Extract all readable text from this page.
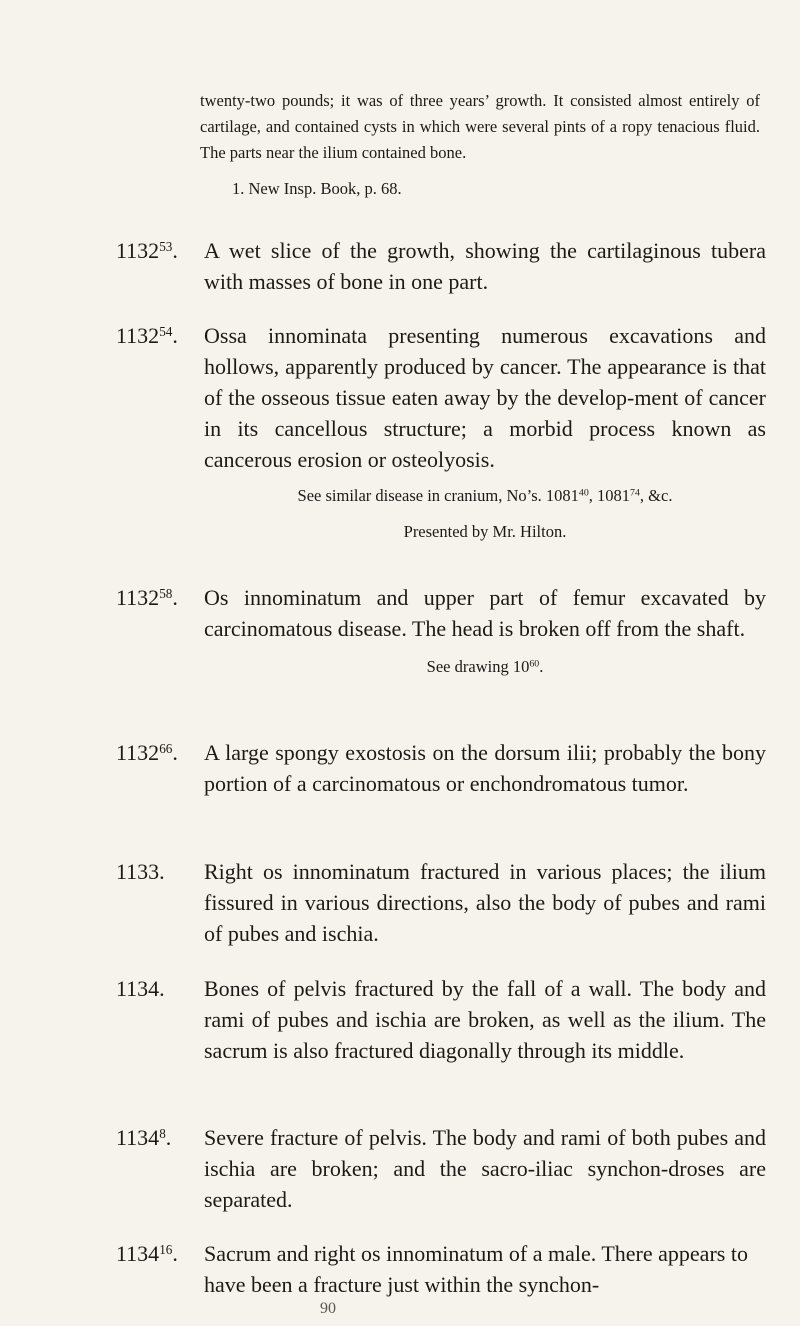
twenty-two pounds; it was of three years’ growth. It consisted almost entirely of cartilage, and contained cysts in which were several pints of a ropy tenacious fluid. The parts near the ilium contained bone.

1. New Insp. Book, p. 68.

1132$^{53}$. A wet slice of the growth, showing the cartilaginous tubera with masses of bone in one part.

1132$^{54}$. Ossa innominata presenting numerous excavations and hollows, apparently produced by cancer. The appearance is that of the osseous tissue eaten away by the develop-ment of cancer in its cancellous structure; a morbid process known as cancerous erosion or osteolyosis.

See similar disease in cranium, No’s. 1081$^{40}$, 1081$^{74}$, &c.
Presented by Mr. Hilton.
1132$^{58}$. Os innominatum and upper part of femur excavated by carcinomatous disease. The head is broken off from the shaft.

See drawing $10^{60}$.
1132$^{66}$. A large spongy exostosis on the dorsum ilii; probably the bony portion of a carcinomatous or enchondromatous tumor.

1133. Right os innominatum fractured in various places; the ilium fissured in various directions, also the body of pubes and rami of pubes and ischia.

1134. Bones of pelvis fractured by the fall of a wall. The body and rami of pubes and ischia are broken, as well as the ilium. The sacrum is also fractured diagonally through its middle.

1134$^8$. Severe fracture of pelvis. The body and rami of both pubes and ischia are broken; and the sacro-iliac synchon-droses are separated.

1134$^{16}$. Sacrum and right os innominatum of a male. There appears to have been a fracture just within the synchon-

90
